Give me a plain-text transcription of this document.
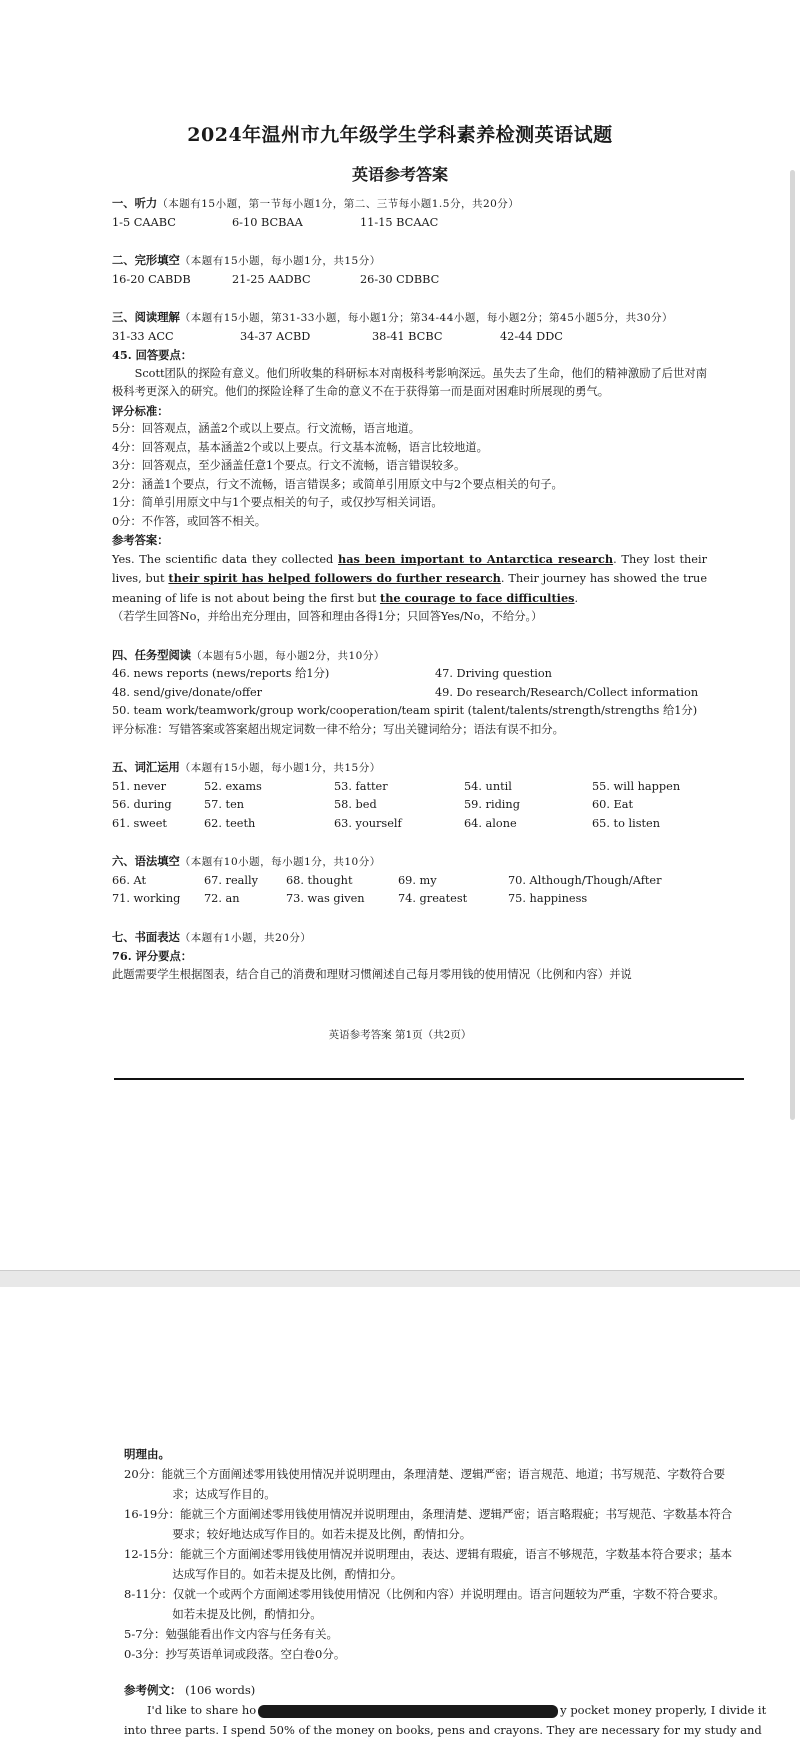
2024年温州市九年级学生学科素养检测英语试题
英语参考答案
一、听力（本题有15小题，第一节每小题1分，第二、三节每小题1.5分，共20分）
1-5 CAABC	6-10 BCBAA	11-15 BCAAC
二、完形填空（本题有15小题，每小题1分，共15分）
16-20 CABDB	21-25 AADBC	26-30 CDBBC
三、阅读理解（本题有15小题，第31-33小题，每小题1分；第34-44小题，每小题2分；第45小题5分，共30分）
31-33 ACC	34-37 ACBD	38-41 BCBC	42-44 DDC
45. 回答要点：
Scott团队的探险有意义。他们所收集的科研标本对南极科考影响深远。虽失去了生命，他们的精神激励了后世对南极科考更深入的研究。他们的探险诠释了生命的意义不在于获得第一而是面对困难时所展现的勇气。
评分标准：
5分：回答观点，涵盖2个或以上要点。行文流畅，语言地道。
4分：回答观点，基本涵盖2个或以上要点。行文基本流畅，语言比较地道。
3分：回答观点，至少涵盖任意1个要点。行文不流畅，语言错误较多。
2分：涵盖1个要点，行文不流畅，语言错误多；或简单引用原文中与2个要点相关的句子。
1分：简单引用原文中与1个要点相关的句子，或仅抄写相关词语。
0分：不作答，或回答不相关。
参考答案：
Yes. The scientific data they collected has been important to Antarctica research. They lost their lives, but their spirit has helped followers do further research. Their journey has showed the true meaning of life is not about being the first but the courage to face difficulties.
（若学生回答No，并给出充分理由，回答和理由各得1分；只回答Yes/No，不给分。）
四、任务型阅读（本题有5小题，每小题2分，共10分）
46. news reports (news/reports 给1分)	47. Driving question
48. send/give/donate/offer	49. Do research/Research/Collect information
50. team work/teamwork/group work/cooperation/team spirit (talent/talents/strength/strengths 给1分)
评分标准：写错答案或答案超出规定词数一律不给分；写出关键词给分；语法有误不扣分。
五、词汇运用（本题有15小题，每小题1分，共15分）
51. never	52. exams	53. fatter	54. until	55. will happen
56. during	57. ten	58. bed	59. riding	60. Eat
61. sweet	62. teeth	63. yourself	64. alone	65. to listen
六、语法填空（本题有10小题，每小题1分，共10分）
66. At	67. really	68. thought	69. my	70. Although/Though/After
71. working	72. an	73. was given	74. greatest	75. happiness
七、书面表达（本题有1小题，共20分）
76. 评分要点：
此题需要学生根据图表，结合自己的消费和理财习惯阐述自己每月零用钱的使用情况（比例和内容）并说
英语参考答案 第1页（共2页）
明理由。
20分：能就三个方面阐述零用钱使用情况并说明理由，条理清楚、逻辑严密；语言规范、地道；书写规范、字数符合要求；达成写作目的。
16-19分：能就三个方面阐述零用钱使用情况并说明理由，条理清楚、逻辑严密；语言略瑕疵；书写规范、字数基本符合要求；较好地达成写作目的。如若未提及比例，酌情扣分。
12-15分：能就三个方面阐述零用钱使用情况并说明理由，表达、逻辑有瑕疵，语言不够规范，字数基本符合要求；基本达成写作目的。如若未提及比例，酌情扣分。
8-11分：仅就一个或两个方面阐述零用钱使用情况（比例和内容）并说明理由。语言问题较为严重，字数不符合要求。如若未提及比例，酌情扣分。
5-7分：勉强能看出作文内容与任务有关。
0-3分：抄写英语单词或段落。空白卷0分。
参考例文： (106 words)
I'd like to share ho	y pocket money properly, I divide it
into three parts. I spend 50% of the money on books, pens and crayons. They are necessary for my study and
